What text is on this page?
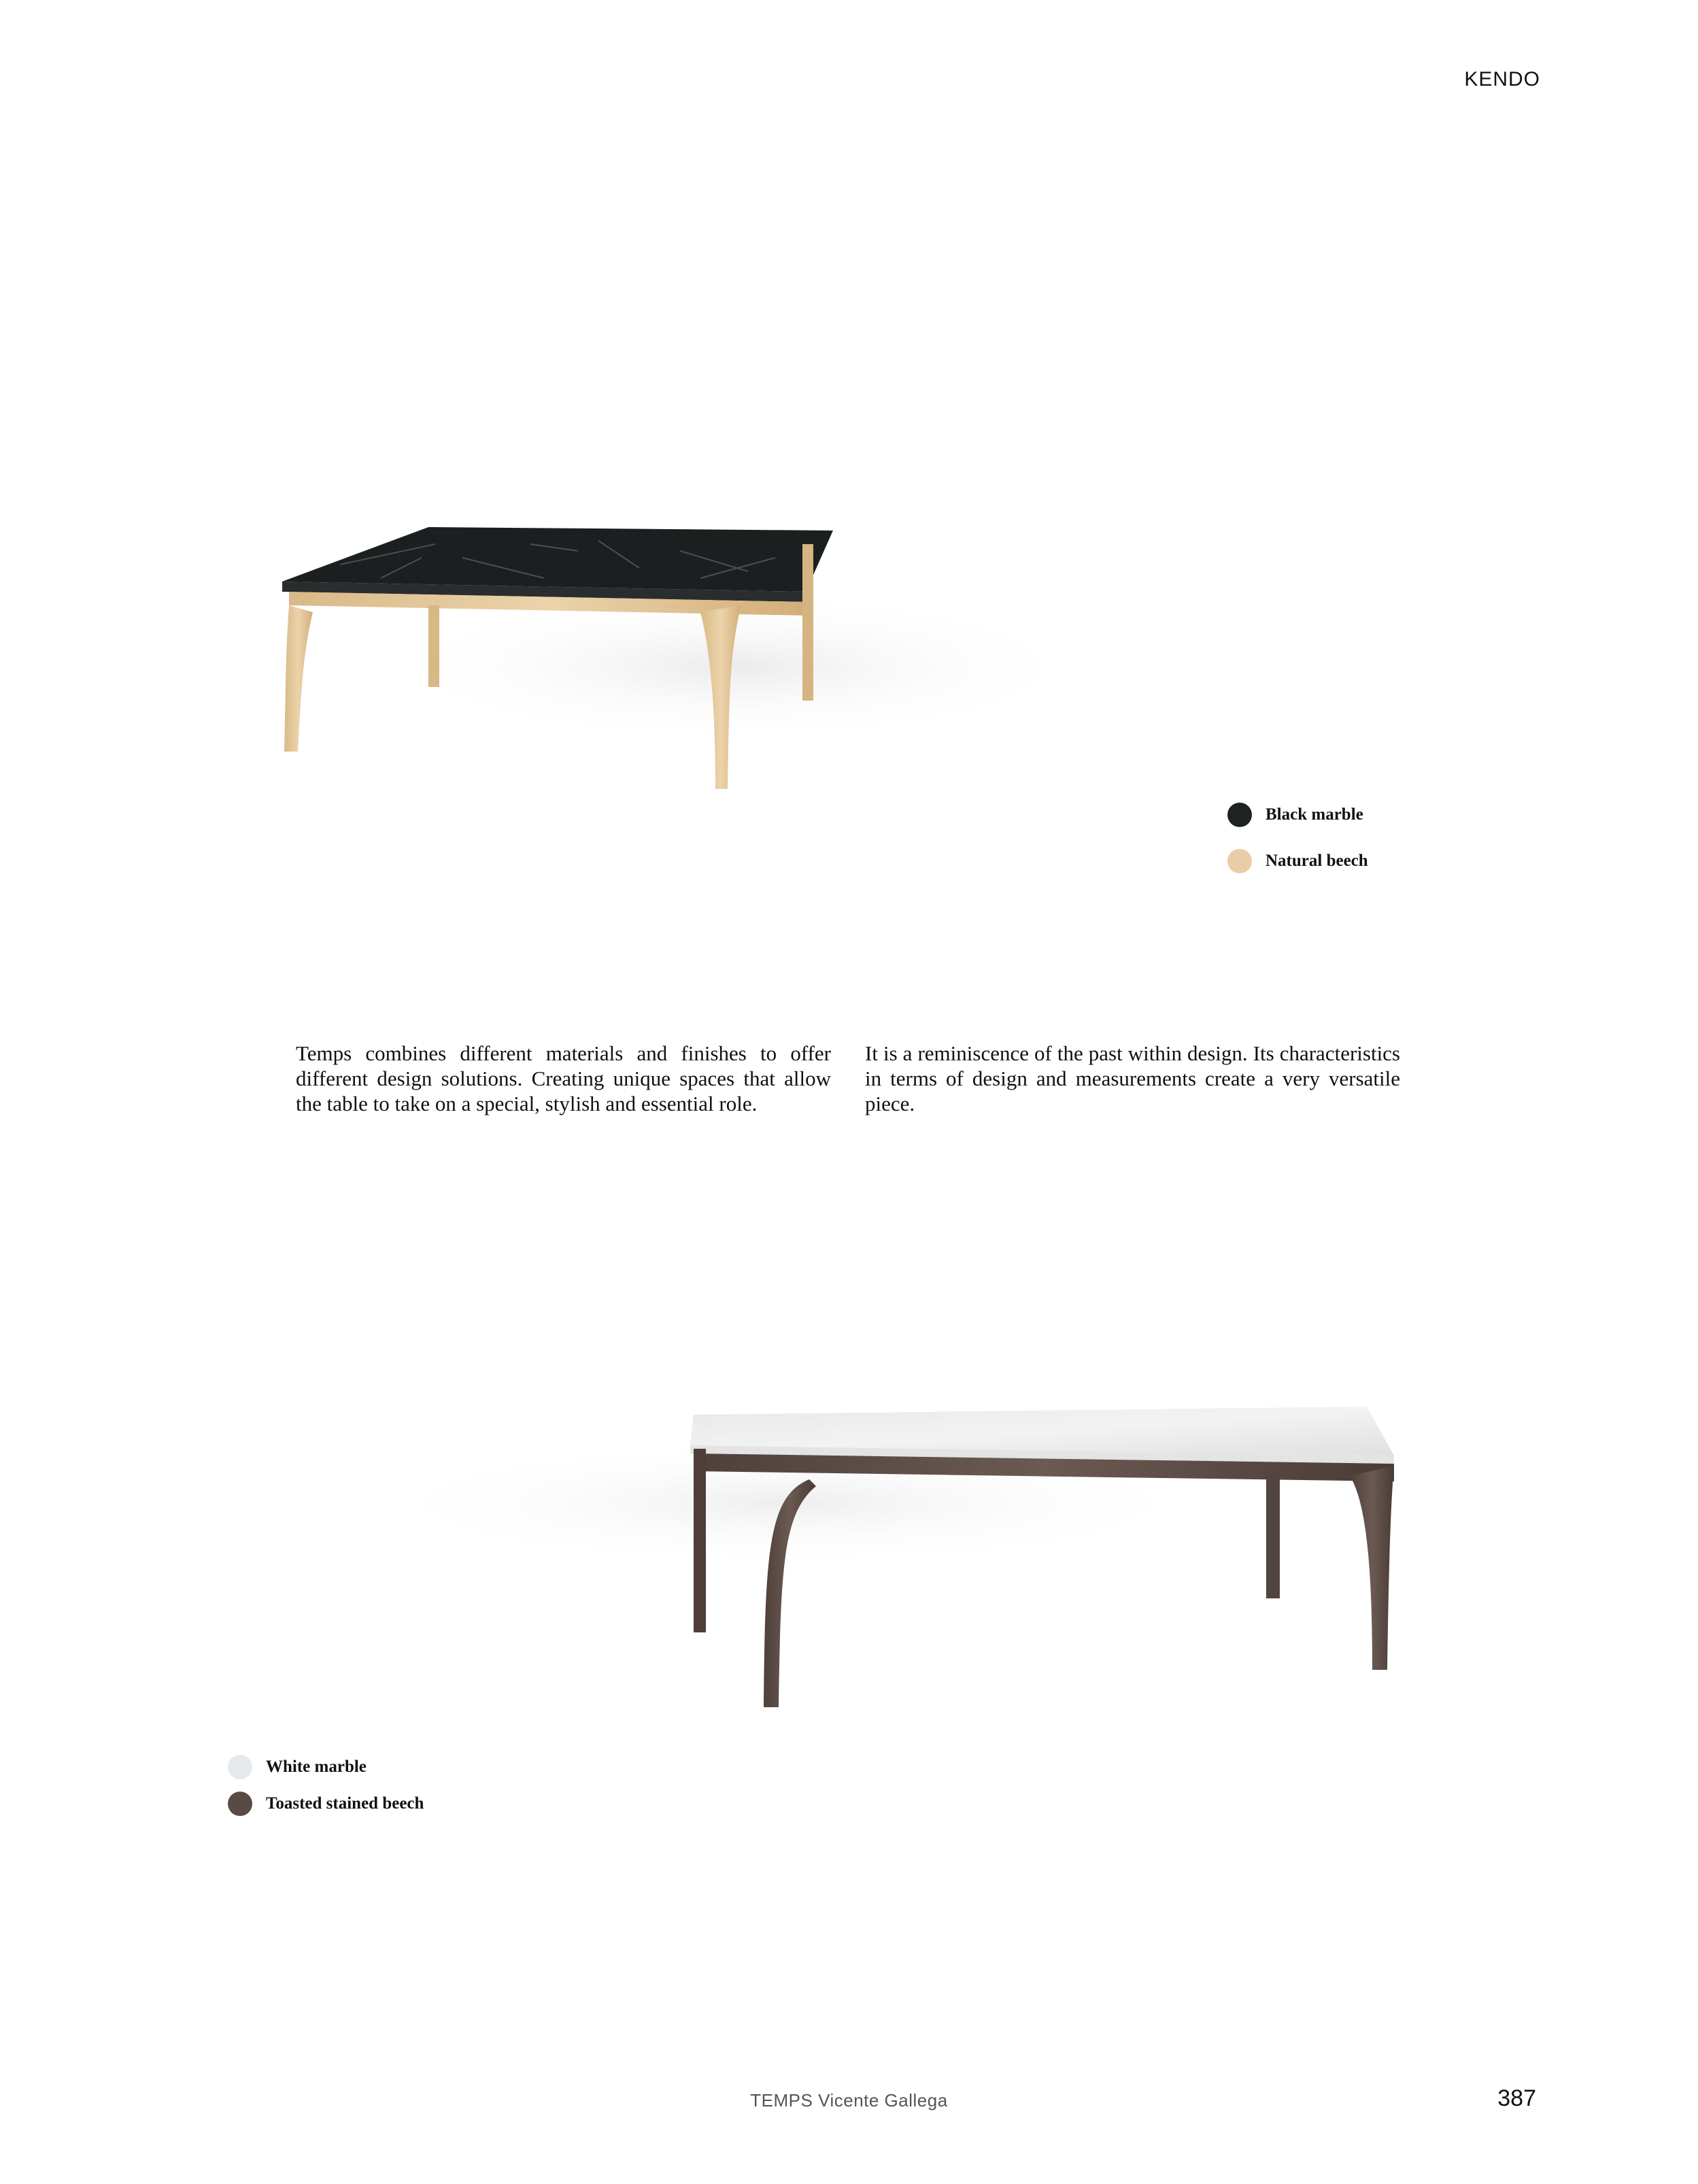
KENDO
Black marble
Natural beech
Temps combines different materials and finishes to offer different design solutions. Creating unique spaces that allow the table to take on a special, stylish and essential role.
It is a reminiscence of the past within design. Its characteristics in terms of design and measurements create a very versatile piece.
White marble
Toasted stained beech
TEMPS Vicente Gallega	387
